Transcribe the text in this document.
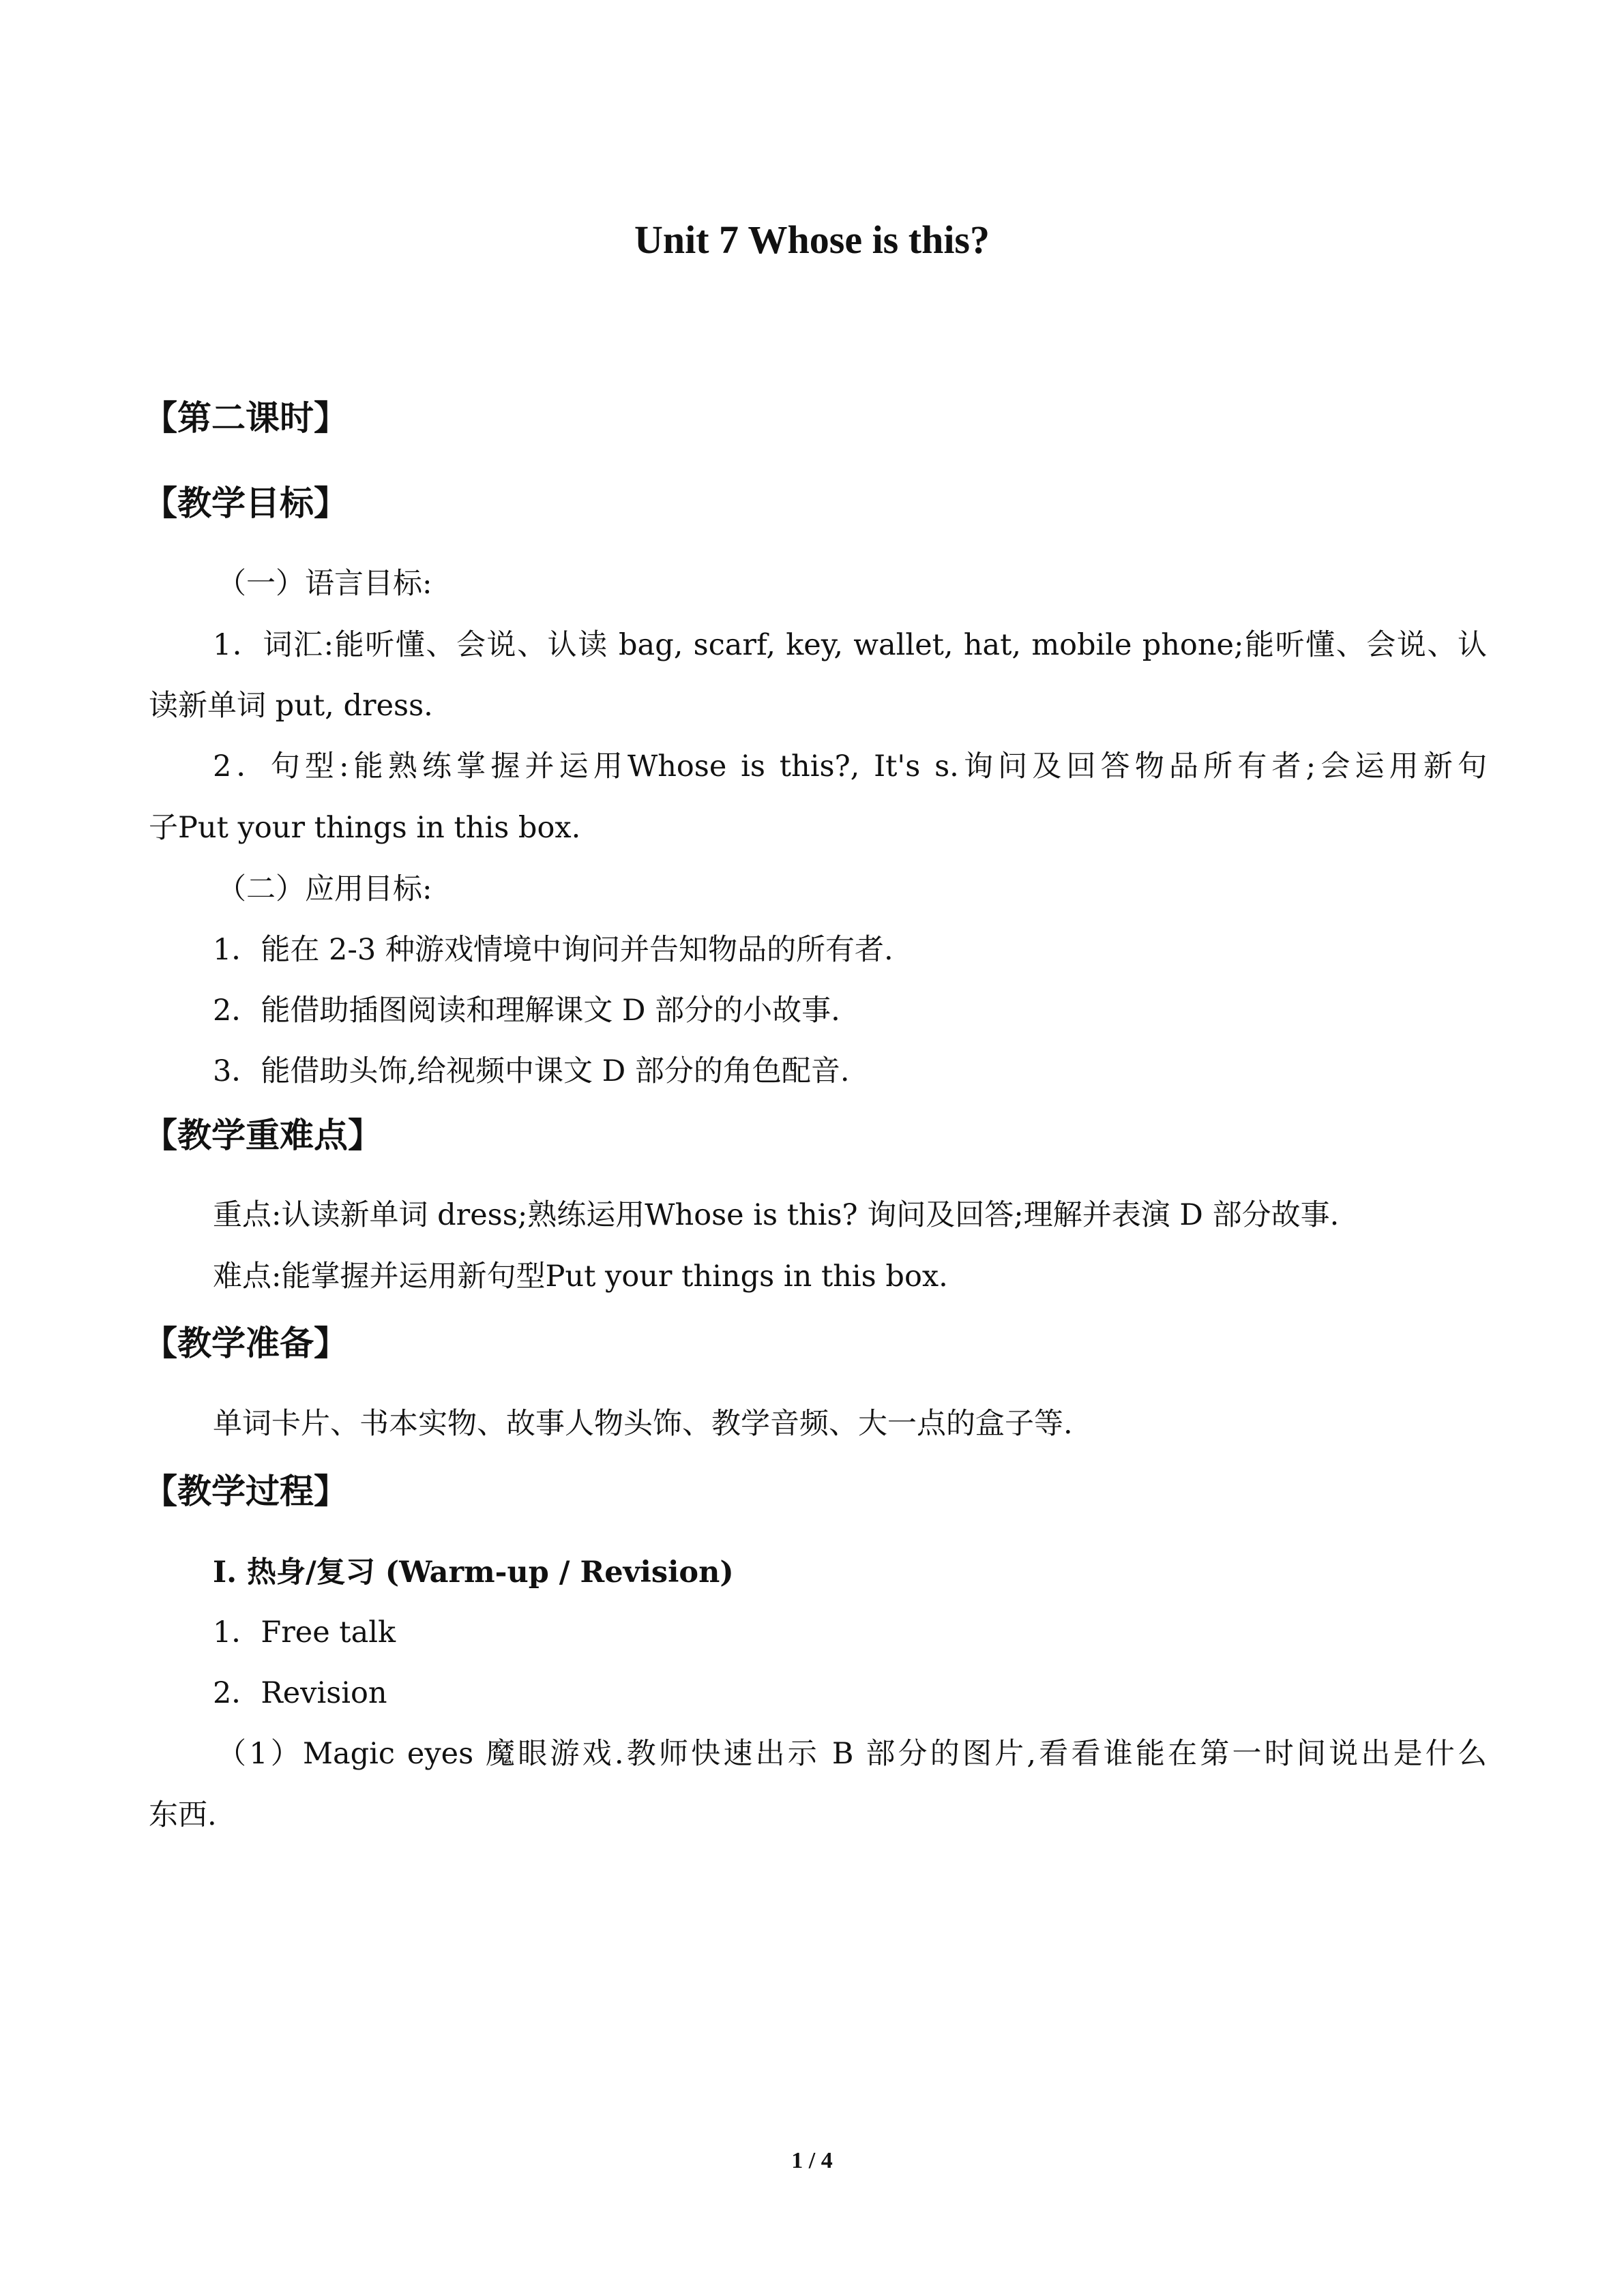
Unit 7 Whose is this?
【第二课时】
【教学目标】
（一）语言目标:
1．词汇:能听懂、会说、认读 bag, scarf, key, wallet, hat, mobile phone;能听懂、会说、认
读新单词 put, dress.
2．句型:能熟练掌握并运用Whose is this?, It's s.询问及回答物品所有者;会运用新句
子Put your things in this box.
（二）应用目标:
1．能在 2-3 种游戏情境中询问并告知物品的所有者.
2．能借助插图阅读和理解课文 D 部分的小故事.
3．能借助头饰,给视频中课文 D 部分的角色配音.
【教学重难点】
重点:认读新单词 dress;熟练运用Whose is this? 询问及回答;理解并表演 D 部分故事.
难点:能掌握并运用新句型Put your things in this box.
【教学准备】
单词卡片、书本实物、故事人物头饰、教学音频、大一点的盒子等.
【教学过程】
I. 热身/复习 (Warm-up / Revision)
1．Free talk
2．Revision
（1）Magic eyes 魔眼游戏.教师快速出示 B 部分的图片,看看谁能在第一时间说出是什么
东西.
1 / 4
